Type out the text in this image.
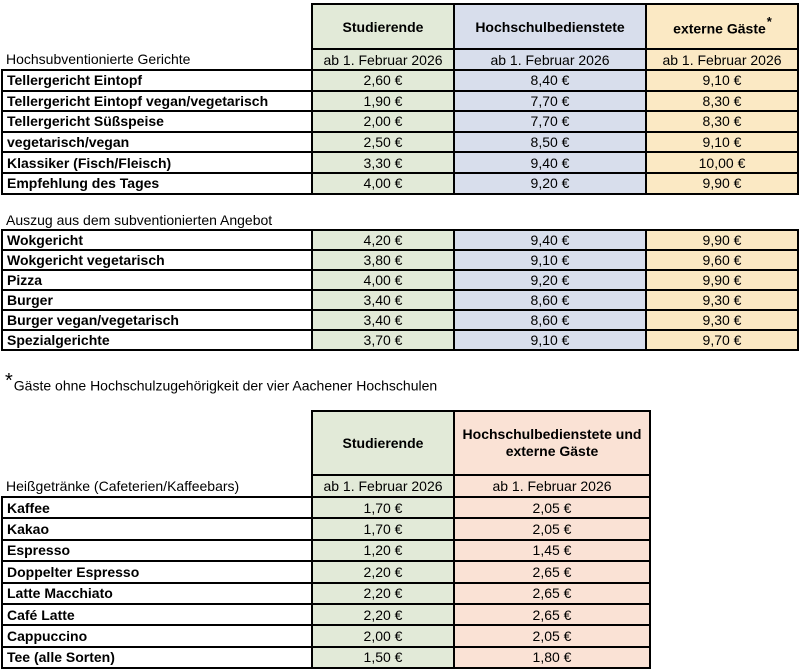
	Studierende	Hochschulbedienstete	externe Gäste*
Hochsubventionierte Gerichte	ab 1. Februar 2026	ab 1. Februar 2026	ab 1. Februar 2026
Tellergericht Eintopf	2,60 €	8,40 €	9,10 €
Tellergericht Eintopf vegan/vegetarisch	1,90 €	7,70 €	8,30 €
Tellergericht Süßspeise	2,00 €	7,70 €	8,30 €
vegetarisch/vegan	2,50 €	8,50 €	9,10 €
Klassiker (Fisch/Fleisch)	3,30 €	9,40 €	10,00 €
Empfehlung des Tages	4,00 €	9,20 €	9,90 €
Auszug aus dem subventionierten Angebot
Wokgericht	4,20 €	9,40 €	9,90 €
Wokgericht vegetarisch	3,80 €	9,10 €	9,60 €
Pizza	4,00 €	9,20 €	9,90 €
Burger	3,40 €	8,60 €	9,30 €
Burger vegan/vegetarisch	3,40 €	8,60 €	9,30 €
Spezialgerichte	3,70 €	9,10 €	9,70 €
*Gäste ohne Hochschulzugehörigkeit der vier Aachener Hochschulen
	Studierende	Hochschulbedienstete und externe Gäste
Heißgetränke (Cafeterien/Kaffeebars)	ab 1. Februar 2026	ab 1. Februar 2026
Kaffee	1,70 €	2,05 €
Kakao	1,70 €	2,05 €
Espresso	1,20 €	1,45 €
Doppelter Espresso	2,20 €	2,65 €
Latte Macchiato	2,20 €	2,65 €
Café Latte	2,20 €	2,65 €
Cappuccino	2,00 €	2,05 €
Tee (alle Sorten)	1,50 €	1,80 €
